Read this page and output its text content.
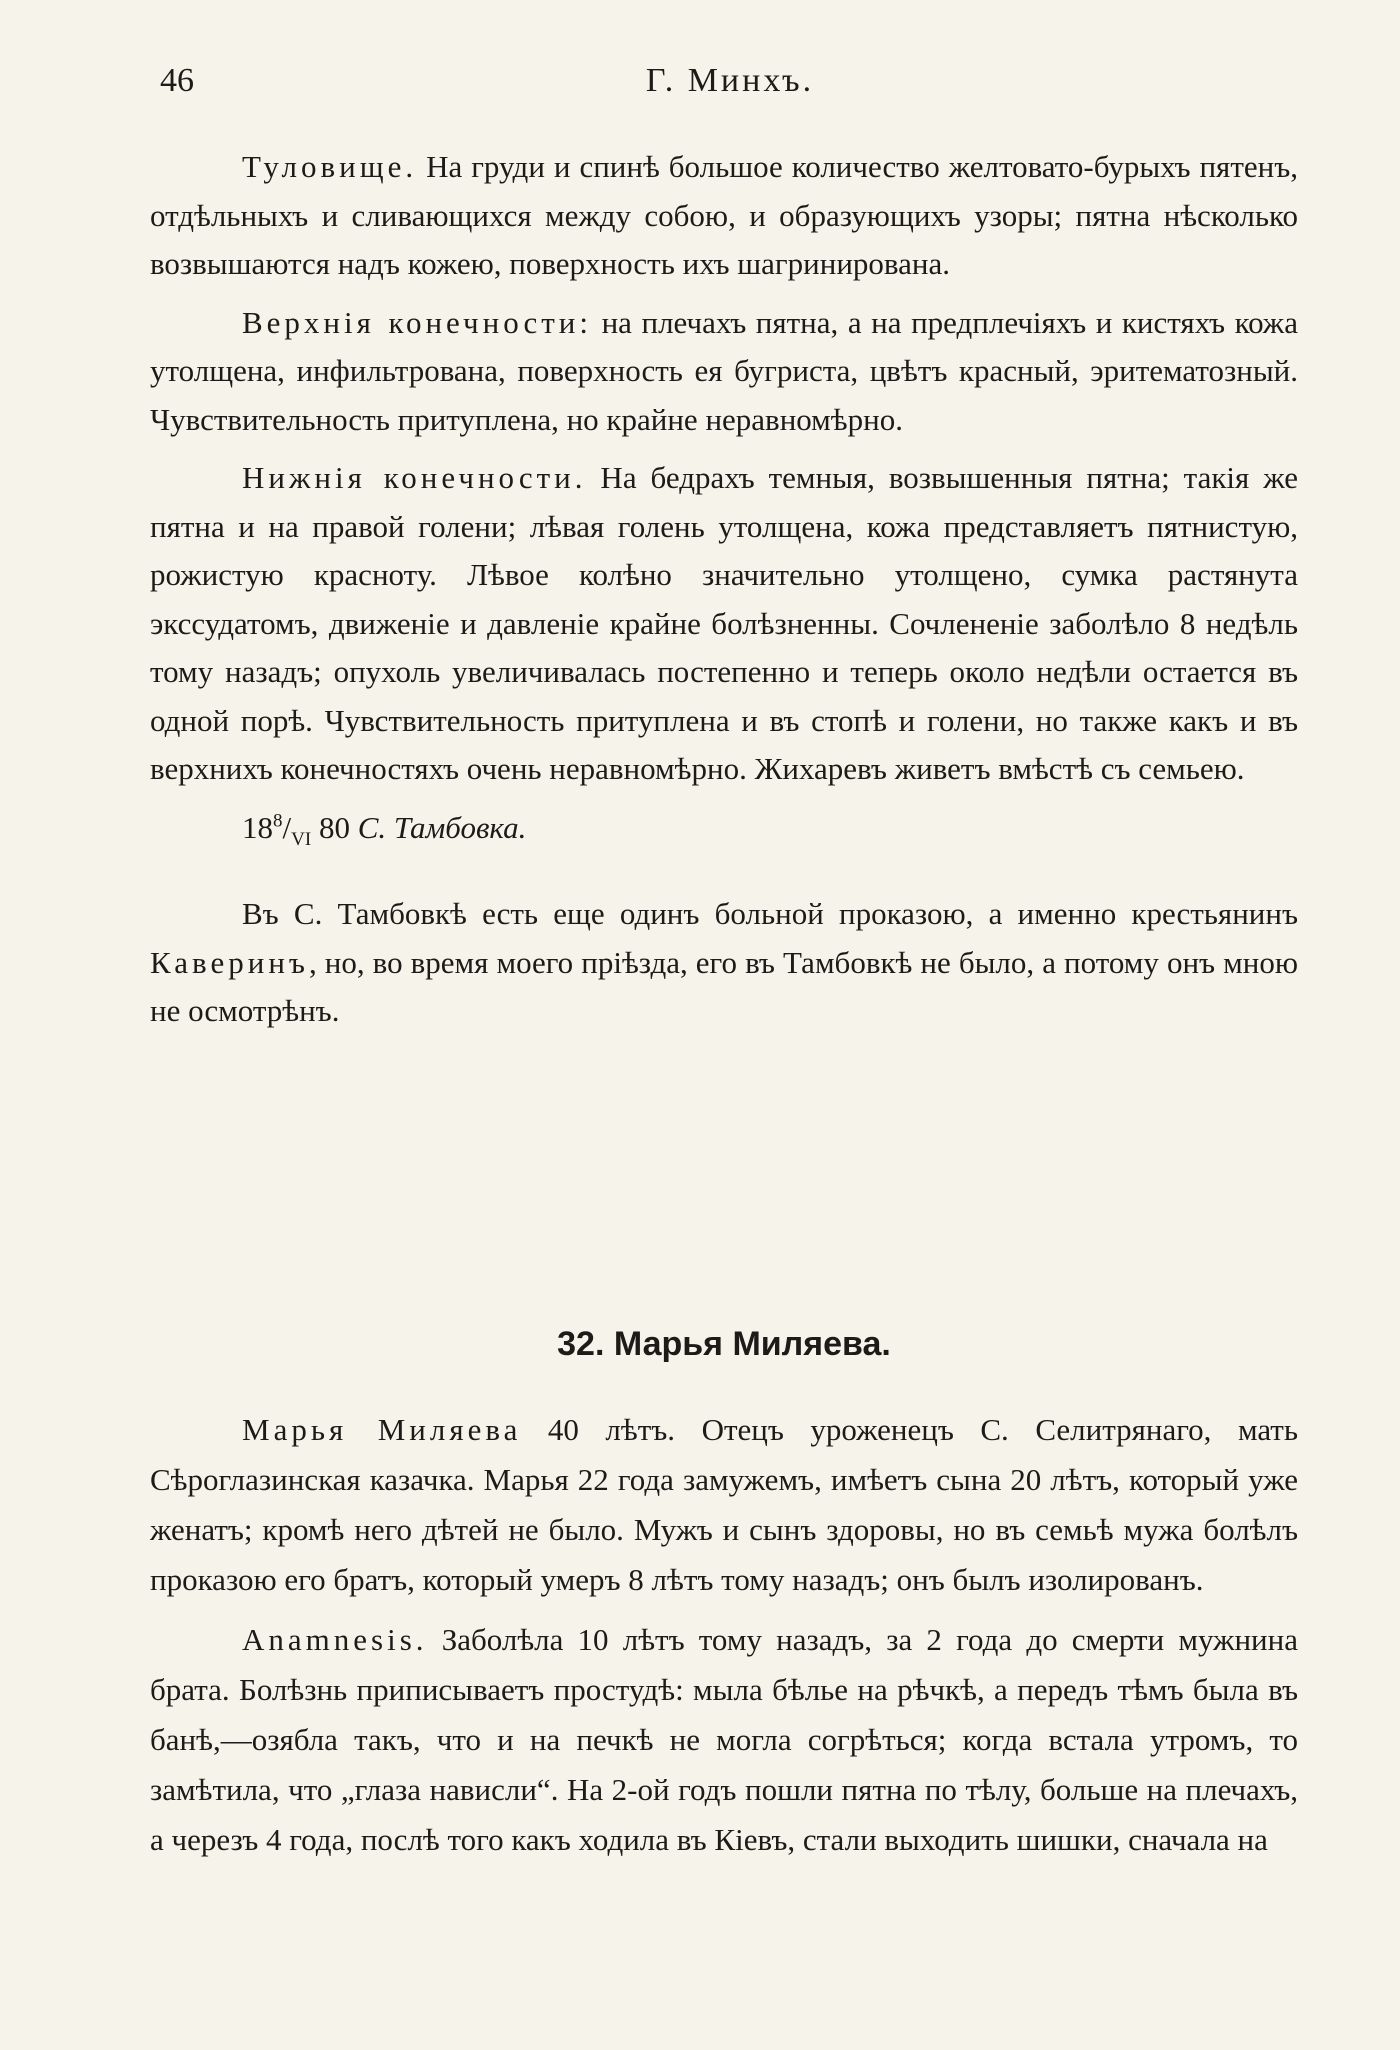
46	Г. Минхъ.

Туловище. На груди и спинѣ большое количество желтовато-бурыхъ пятенъ, отдѣльныхъ и сливающихся между собою, и образующихъ узоры; пятна нѣсколько возвышаются надъ кожею, поверхность ихъ шагринирована.

Верхнія конечности: на плечахъ пятна, а на предплечіяхъ и кистяхъ кожа утолщена, инфильтрована, поверхность ея бугриста, цвѣтъ красный, эритематозный. Чувствительность притуплена, но крайне неравномѣрно.

Нижнія конечности. На бедрахъ темныя, возвышенныя пятна; такія же пятна и на правой голени; лѣвая голень утолщена, кожа представляетъ пятнистую, рожистую красноту. Лѣвое колѣно значительно утолщено, сумка растянута экссудатомъ, движеніе и давленіе крайне болѣзненны. Сочлененіе заболѣло 8 недѣль тому назадъ; опухоль увеличивалась постепенно и теперь около недѣли остается въ одной порѣ. Чувствительность притуплена и въ стопѣ и голени, но также какъ и въ верхнихъ конечностяхъ очень неравномѣрно. Жихаревъ живетъ вмѣстѣ съ семьею.

$18^8/_{VI}$ 80 С. Тамбовка.

Въ С. Тамбовкѣ есть еще одинъ больной проказою, а именно крестьянинъ Каверинъ, но, во время моего пріѣзда, его въ Тамбовкѣ не было, а потому онъ мною не осмотрѣнъ.

32. Марья Миляева.

Марья Миляева 40 лѣтъ. Отецъ уроженецъ С. Селитрянаго, мать Сѣроглазинская казачка. Марья 22 года замужемъ, имѣетъ сына 20 лѣтъ, который уже женатъ; кромѣ него дѣтей не было. Мужъ и сынъ здоровы, но въ семьѣ мужа болѣлъ проказою его братъ, который умеръ 8 лѣтъ тому назадъ; онъ былъ изолированъ.

Anamnesis. Заболѣла 10 лѣтъ тому назадъ, за 2 года до смерти мужнина брата. Болѣзнь приписываетъ простудѣ: мыла бѣлье на рѣчкѣ, а передъ тѣмъ была въ банѣ,—озябла такъ, что и на печкѣ не могла согрѣться; когда встала утромъ, то замѣтила, что „глаза нависли“. На 2-ой годъ пошли пятна по тѣлу, больше на плечахъ, а черезъ 4 года, послѣ того какъ ходила въ Кіевъ, стали выходить шишки, сначала на
